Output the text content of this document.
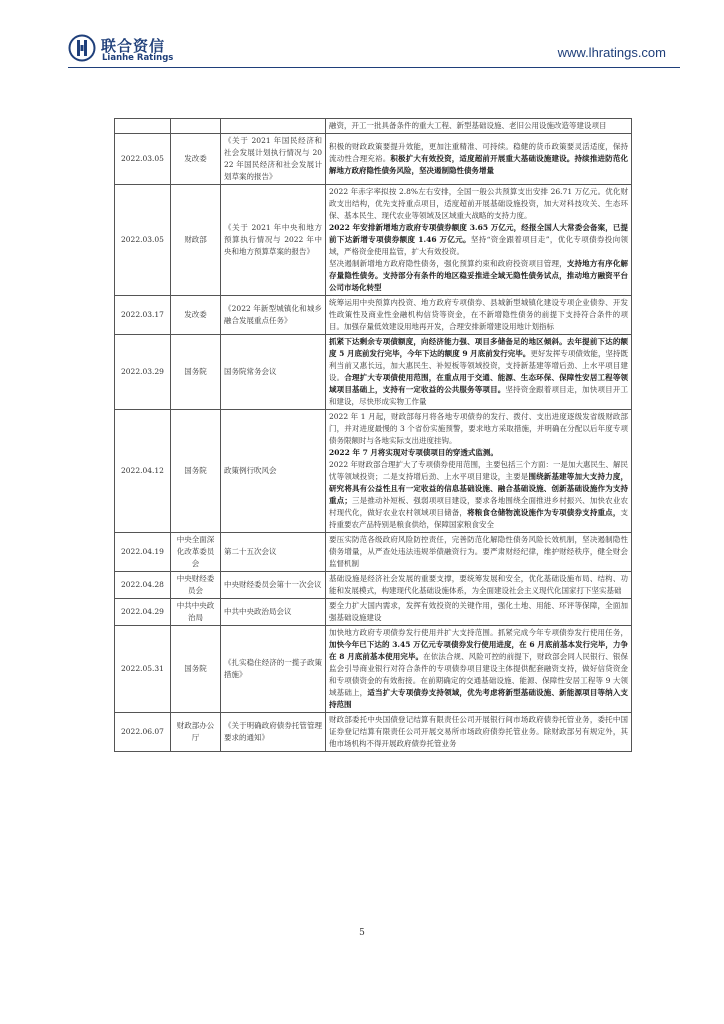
联合资信
Lianhe Ratings	www.lhratings.com

			融资，开工一批具备条件的重大工程、新型基础设施、老旧公用设施改造等建设项目

2022.03.05	发改委	《关于 2021 年国民经济和社会发展计划执行情况与 2022 年国民经济和社会发展计划草案的报告》	积极的财政政策要提升效能，更加注重精准、可持续。稳健的货币政策要灵活适度，保持流动性合理充裕。积极扩大有效投资，适度超前开展重大基础设施建设。持续推进防范化解地方政府隐性债务风险，坚决遏制隐性债务增量

2022.03.05	财政部	《关于 2021 年中央和地方预算执行情况与 2022 年中央和地方预算草案的报告》	2022 年赤字率拟按 2.8%左右安排，全国一般公共预算支出安排 26.71 万亿元。优化财政支出结构，优先支持重点项目，适度超前开展基础设施投资，加大对科技攻关、生态环保、基本民生、现代农业等领域及区域重大战略的支持力度。

2022 年安排新增地方政府专项债券额度 3.65 万亿元，经报全国人大常委会备案，已提前下达新增专项债券额度 1.46 万亿元。坚持“资金跟着项目走”，优化专项债券投向领域，严格资金使用监管，扩大有效投资。

坚决遏制新增地方政府隐性债务，强化预算约束和政府投资项目管理，支持地方有序化解存量隐性债务。支持部分有条件的地区稳妥推进全域无隐性债务试点，推动地方融资平台公司市场化转型

2022.03.17	发改委	《2022 年新型城镇化和城乡融合发展重点任务》	统筹运用中央预算内投资、地方政府专项债券、县城新型城镇化建设专项企业债券、开发性政策性及商业性金融机构信贷等资金，在不新增隐性债务的前提下支持符合条件的项目。加强存量低效建设用地再开发，合理安排新增建设用地计划指标

2022.03.29	国务院	国务院常务会议	抓紧下达剩余专项债额度，向经济能力强、项目多储备足的地区倾斜。去年提前下达的额度 5 月底前发行完毕，今年下达的额度 9 月底前发行完毕。更好发挥专项债效能，坚持既利当前又惠长远，加大惠民生、补短板等领域投资，支持新基建等增后劲、上水平项目建设。合理扩大专项债使用范围，在重点用于交通、能源、生态环保、保障性安居工程等领域项目基础上，支持有一定收益的公共服务等项目。坚持资金跟着项目走，加快项目开工和建设，尽快形成实物工作量

2022.04.12	国务院	政策例行吹风会	2022 年 1 月起，财政部每月将各地专项债券的发行、拨付、支出进度逐级发省级财政部门，并对进度最慢的 3 个省份实施预警，要求地方采取措施，并明确在分配以后年度专项债务限额时与各地实际支出进度挂钩。

2022 年 7 月将实现对专项债项目的穿透式监测。

2022 年财政部合理扩大了专项债券使用范围，主要包括三个方面：一是加大惠民生、解民忧等领域投资；二是支持增后劲、上水平项目建设，主要是围绕新基建等加大支持力度，研究将具有公益性且有一定收益的信息基础设施、融合基础设施、创新基础设施作为支持重点；三是推动补短板、强弱项项目建设，要求各地围绕全面推进乡村振兴、加快农业农村现代化，做好农业农村领域项目储备，将粮食仓储物流设施作为专项债券支持重点，支持重要农产品特别是粮食供给，保障国家粮食安全

2022.04.19	中央全面深化改革委员会	第二十五次会议	要压实防范各级政府风险防控责任，完善防范化解隐性债务风险长效机制，坚决遏制隐性债务增量，从严查处违法违规举债融资行为。要严肃财经纪律，维护财经秩序，健全财会监督机制

2022.04.28	中央财经委员会	中央财经委员会第十一次会议	基础设施是经济社会发展的重要支撑，要统筹发展和安全，优化基础设施布局、结构、功能和发展模式，构建现代化基础设施体系，为全面建设社会主义现代化国家打下坚实基础

2022.04.29	中共中央政治局	中共中央政治局会议	要全力扩大国内需求，发挥有效投资的关键作用，强化土地、用能、环评等保障，全面加强基础设施建设

2022.05.31	国务院	《扎实稳住经济的一揽子政策措施》	加快地方政府专项债券发行使用并扩大支持范围。抓紧完成今年专项债券发行使用任务，加快今年已下达的 3.45 万亿元专项债券发行使用进度，在 6 月底前基本发行完毕，力争在 8 月底前基本使用完毕。在依法合规、风险可控的前提下，财政部会同人民银行、银保监会引导商业银行对符合条件的专项债券项目建设主体提供配套融资支持，做好信贷资金和专项债资金的有效衔接。在前期确定的交通基础设施、能源、保障性安居工程等 9 大领域基础上，适当扩大专项债券支持领域，优先考虑将新型基础设施、新能源项目等纳入支持范围

2022.06.07	财政部办公厅	《关于明确政府债券托管管理要求的通知》	财政部委托中央国债登记结算有限责任公司开展银行间市场政府债券托管业务，委托中国证券登记结算有限责任公司开展交易所市场政府债券托管业务。除财政部另有规定外，其他市场机构不得开展政府债券托管业务

5
